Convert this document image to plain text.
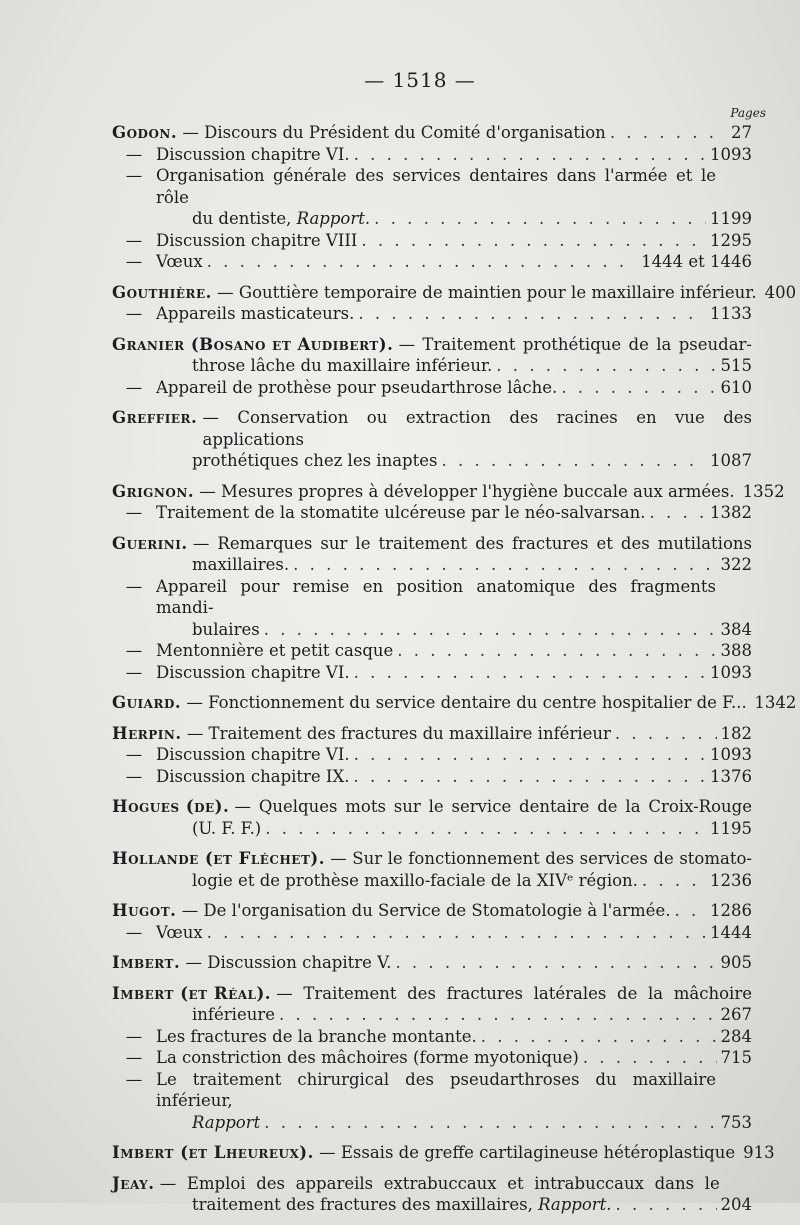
— 1518 —
Pages
Godon.
— Discours du Président du Comité d'organisation . . .	27
— Discussion chapitre VI. . . .	1093
— Organisation générale des services dentaires dans l'armée et le rôle
du dentiste, Rapport. . . .	1199
— Discussion chapitre VIII . . .	1295
— Vœux . . .	1444 et 1446
Gouthière.
— Gouttière temporaire de maintien pour le maxillaire inférieur. 400
— Appareils masticateurs. . . .	1133
Granier (Bosano et Audibert).
— Traitement prothétique de la pseudar-
throse lâche du maxillaire inférieur. . . .	515
— Appareil de prothèse pour pseudarthrose lâche. . . .	610
Greffier.
— Conservation ou extraction des racines en vue des applications
prothétiques chez les inaptes . . .	1087
Grignon.
— Mesures propres à développer l'hygiène buccale aux armées. 1352
— Traitement de la stomatite ulcéreuse par le néo-salvarsan. . . .	1382
Guerini.
— Remarques sur le traitement des fractures et des mutilations
maxillaires. . . .	322
— Appareil pour remise en position anatomique des fragments mandi-
bulaires . . .	384
— Mentonnière et petit casque . . .	388
— Discussion chapitre VI. . . .	1093
Guiard.
— Fonctionnement du service dentaire du centre hospitalier de F... 1342
Herpin.
— Traitement des fractures du maxillaire inférieur . . .	182
— Discussion chapitre VI. . . .	1093
— Discussion chapitre IX. . . .	1376
Hogues (de).
— Quelques mots sur le service dentaire de la Croix-Rouge
(U. F. F.) . . .	1195
Hollande (et Fléchet).
— Sur le fonctionnement des services de stomato-
logie et de prothèse maxillo-faciale de la XIVᵉ région. . . .	1236
Hugot.
— De l'organisation du Service de Stomatologie à l'armée. . . . 1286
— Vœux . . .	1444
Imbert.
— Discussion chapitre V. . . .	905
Imbert (et Réal).
— Traitement des fractures latérales de la mâchoire
inférieure . . .	267
— Les fractures de la branche montante. . . .	284
— La constriction des mâchoires (forme myotonique) . . .	715
— Le traitement chirurgical des pseudarthroses du maxillaire inférieur,
Rapport . . .	753
Imbert (et Lheureux).
— Essais de greffe cartilagineuse hétéroplastique 913
Jeay.
— Emploi des appareils extrabuccaux et intrabuccaux dans le
traitement des fractures des maxillaires, Rapport. . . .	204
